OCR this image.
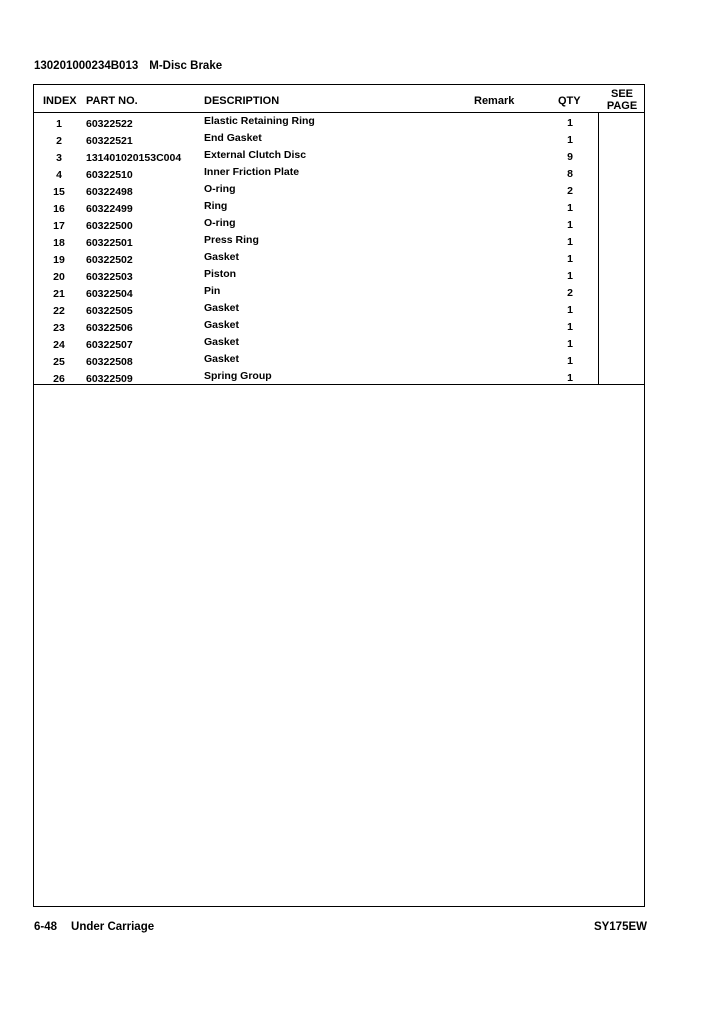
130201000234B013 M-Disc Brake
INDEX PART NO.	DESCRIPTION	Remark	QTY
SEE
PAGE
1	60322522	Elastic Retaining Ring	1
2	60322521	End Gasket	1
3	131401020153C004 External Clutch Disc	9
4	60322510	Inner Friction Plate	8
15	60322498	O-ring	2
16	60322499	Ring	1
17	60322500	O-ring	1
18	60322501	Press Ring	1
19	60322502	Gasket	1
20	60322503	Piston	1
21	60322504	Pin	2
22	60322505	Gasket	1
23	60322506	Gasket	1
24	60322507	Gasket	1
25	60322508	Gasket	1
26	60322509	Spring Group	1
6-48 Under Carriage	SY175EW
